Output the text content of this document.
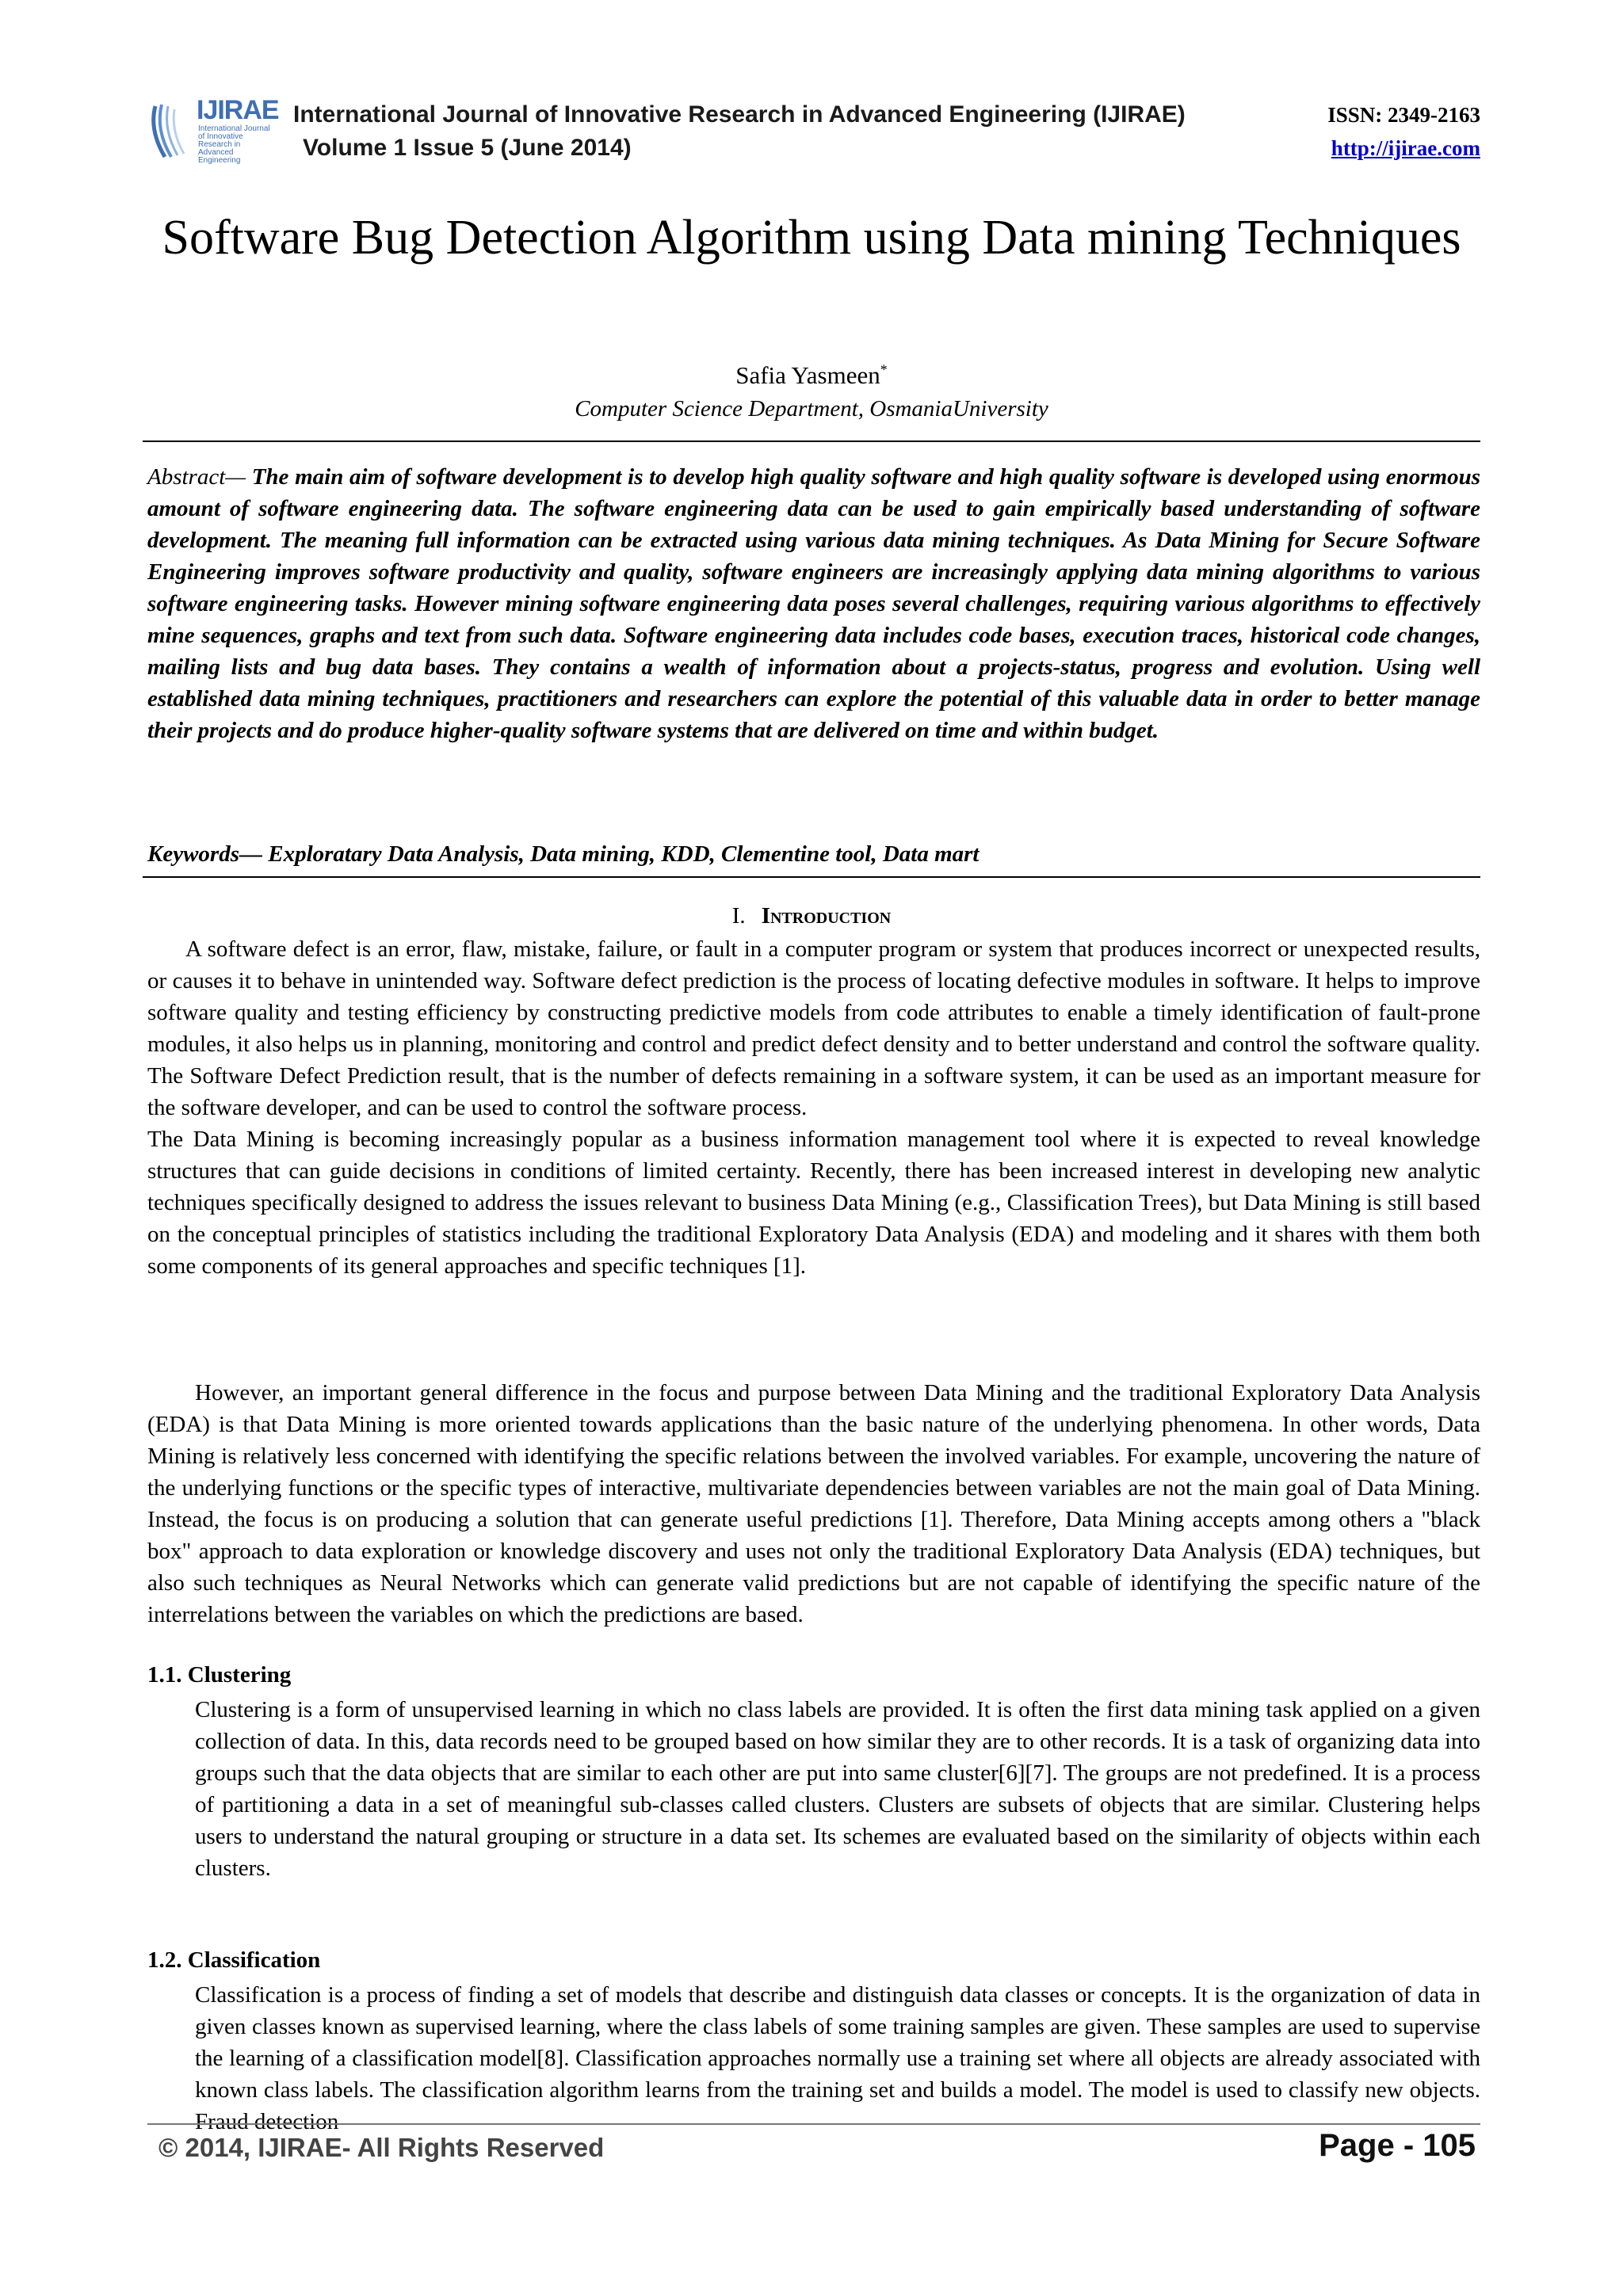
IJIRAE
International Journal of Innovative Research in Advanced Engineering
International Journal of Innovative Research in Advanced Engineering (IJIRAE)
Volume 1 Issue 5 (June 2014)
ISSN: 2349-2163
http://ijirae.com
Software Bug Detection Algorithm using Data mining Techniques
Safia Yasmeen*
Computer Science Department, OsmaniaUniversity
Abstract— The main aim of software development is to develop high quality software and high quality software is developed using enormous amount of software engineering data. The software engineering data can be used to gain empirically based understanding of software development. The meaning full information can be extracted using various data mining techniques. As Data Mining for Secure Software Engineering improves software productivity and quality, software engineers are increasingly applying data mining algorithms to various software engineering tasks. However mining software engineering data poses several challenges, requiring various algorithms to effectively mine sequences, graphs and text from such data. Software engineering data includes code bases, execution traces, historical code changes, mailing lists and bug data bases. They contains a wealth of information about a projects-status, progress and evolution. Using well established data mining techniques, practitioners and researchers can explore the potential of this valuable data in order to better manage their projects and do produce higher-quality software systems that are delivered on time and within budget.
Keywords— Exploratary Data Analysis, Data mining, KDD, Clementine tool, Data mart
I. Introduction

A software defect is an error, flaw, mistake, failure, or fault in a computer program or system that produces incorrect or unexpected results, or causes it to behave in unintended way. Software defect prediction is the process of locating defective modules in software. It helps to improve software quality and testing efficiency by constructing predictive models from code attributes to enable a timely identification of fault-prone modules, it also helps us in planning, monitoring and control and predict defect density and to better understand and control the software quality. The Software Defect Prediction result, that is the number of defects remaining in a software system, it can be used as an important measure for the software developer, and can be used to control the software process.

The Data Mining is becoming increasingly popular as a business information management tool where it is expected to reveal knowledge structures that can guide decisions in conditions of limited certainty. Recently, there has been increased interest in developing new analytic techniques specifically designed to address the issues relevant to business Data Mining (e.g., Classification Trees), but Data Mining is still based on the conceptual principles of statistics including the traditional Exploratory Data Analysis (EDA) and modeling and it shares with them both some components of its general approaches and specific techniques [1].

However, an important general difference in the focus and purpose between Data Mining and the traditional Exploratory Data Analysis (EDA) is that Data Mining is more oriented towards applications than the basic nature of the underlying phenomena. In other words, Data Mining is relatively less concerned with identifying the specific relations between the involved variables. For example, uncovering the nature of the underlying functions or the specific types of interactive, multivariate dependencies between variables are not the main goal of Data Mining. Instead, the focus is on producing a solution that can generate useful predictions [1]. Therefore, Data Mining accepts among others a "black box" approach to data exploration or knowledge discovery and uses not only the traditional Exploratory Data Analysis (EDA) techniques, but also such techniques as Neural Networks which can generate valid predictions but are not capable of identifying the specific nature of the interrelations between the variables on which the predictions are based.

1.1. Clustering
Clustering is a form of unsupervised learning in which no class labels are provided. It is often the first data mining task applied on a given collection of data. In this, data records need to be grouped based on how similar they are to other records. It is a task of organizing data into groups such that the data objects that are similar to each other are put into same cluster[6][7]. The groups are not predefined. It is a process of partitioning a data in a set of meaningful sub-classes called clusters. Clusters are subsets of objects that are similar. Clustering helps users to understand the natural grouping or structure in a data set. Its schemes are evaluated based on the similarity of objects within each clusters.
1.2. Classification
Classification is a process of finding a set of models that describe and distinguish data classes or concepts. It is the organization of data in given classes known as supervised learning, where the class labels of some training samples are given. These samples are used to supervise the learning of a classification model[8]. Classification approaches normally use a training set where all objects are already associated with known class labels. The classification algorithm learns from the training set and builds a model. The model is used to classify new objects. Fraud detection
© 2014, IJIRAE- All Rights Reserved	Page - 105
